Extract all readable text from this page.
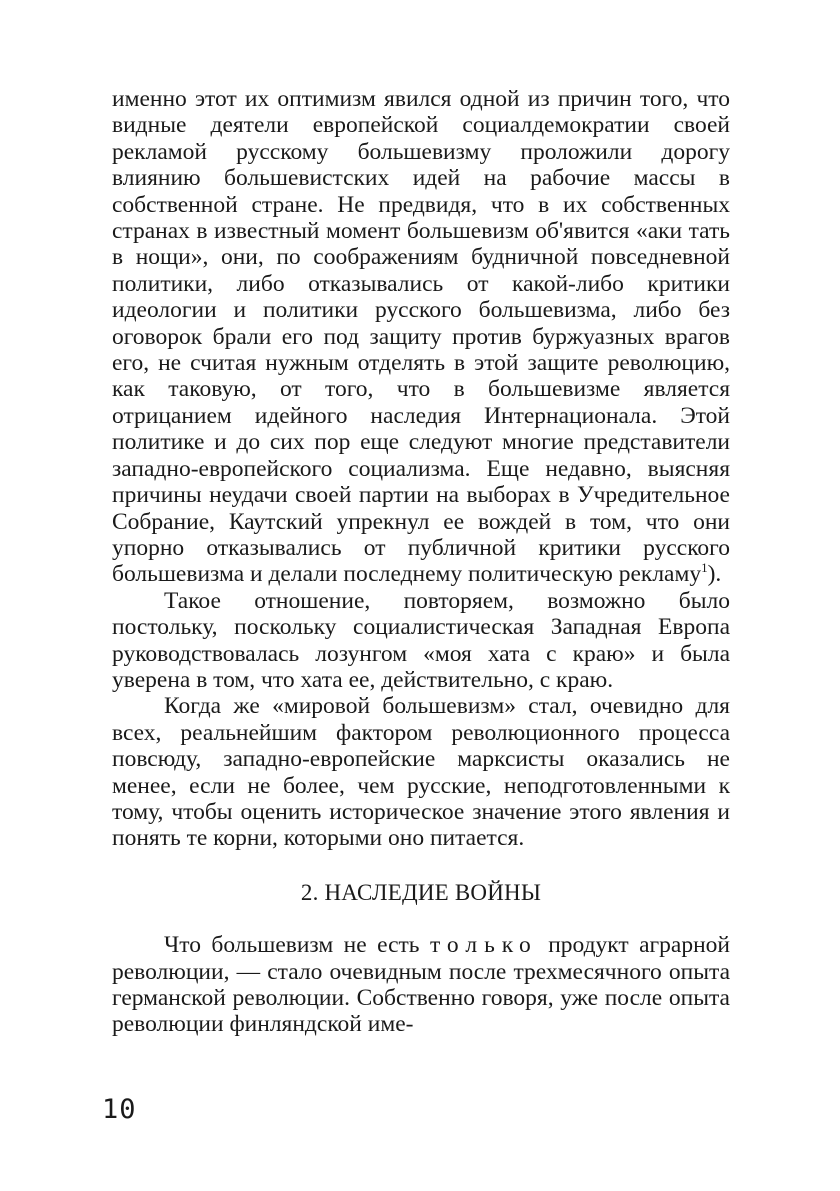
именно этот их оптимизм явился одной из причин того, что видные деятели европейской социалдемократии своей рекламой русскому большевизму проложили дорогу влиянию большевистских идей на рабочие массы в собственной стране. Не предвидя, что в их собственных странах в известный момент большевизм об'явится «аки тать в нощи», они, по соображениям будничной повседневной политики, либо отказывались от какой-либо критики идеологии и политики русского большевизма, либо без оговорок брали его под защиту против буржуазных врагов его, не считая нужным отделять в этой защите революцию, как таковую, от того, что в большевизме является отрицанием идейного наследия Интернационала. Этой политике и до сих пор еще следуют многие представители западно-европейского социализма. Еще недавно, выясняя причины неудачи своей партии на выборах в Учредительное Собрание, Каутский упрекнул ее вождей в том, что они упорно отказывались от публичной критики русского большевизма и делали последнему политическую рекламу$^1$).

Такое отношение, повторяем, возможно было постольку, поскольку социалистическая Западная Европа руководствовалась лозунгом «моя хата с краю» и была уверена в том, что хата ее, действительно, с краю.

Когда же «мировой большевизм» стал, очевидно для всех, реальнейшим фактором революционного процесса повсюду, западно-европейские марксисты оказались не менее, если не более, чем русские, неподготовленными к тому, чтобы оценить историческое значение этого явления и понять те корни, которыми оно питается.

2. НАСЛЕДИЕ ВОЙНЫ

Что большевизм не есть только продукт аграрной революции, — стало очевидным после трехмесячного опыта германской революции. Собственно говоря, уже после опыта революции финляндской име-

10
